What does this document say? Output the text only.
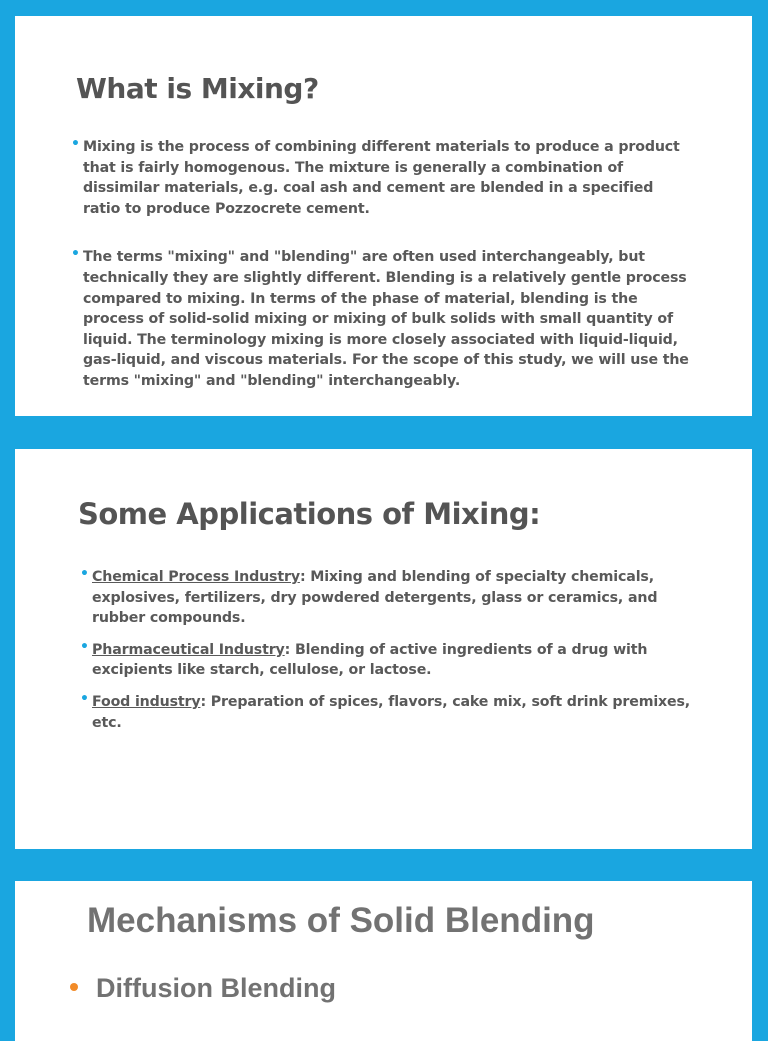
What is Mixing?
• Mixing is the process of combining different materials to produce a product that is fairly homogenous. The mixture is generally a combination of dissimilar materials, e.g. coal ash and cement are blended in a specified ratio to produce Pozzocrete cement.
• The terms "mixing" and "blending" are often used interchangeably, but technically they are slightly different. Blending is a relatively gentle process compared to mixing. In terms of the phase of material, blending is the process of solid-solid mixing or mixing of bulk solids with small quantity of liquid. The terminology mixing is more closely associated with liquid-liquid, gas-liquid, and viscous materials. For the scope of this study, we will use the terms "mixing" and "blending" interchangeably.
Some Applications of Mixing:
• Chemical Process Industry: Mixing and blending of specialty chemicals, explosives, fertilizers, dry powdered detergents, glass or ceramics, and rubber compounds.
• Pharmaceutical Industry: Blending of active ingredients of a drug with excipients like starch, cellulose, or lactose.
• Food industry: Preparation of spices, flavors, cake mix, soft drink premixes, etc.
Mechanisms of Solid Blending
Diffusion Blending
